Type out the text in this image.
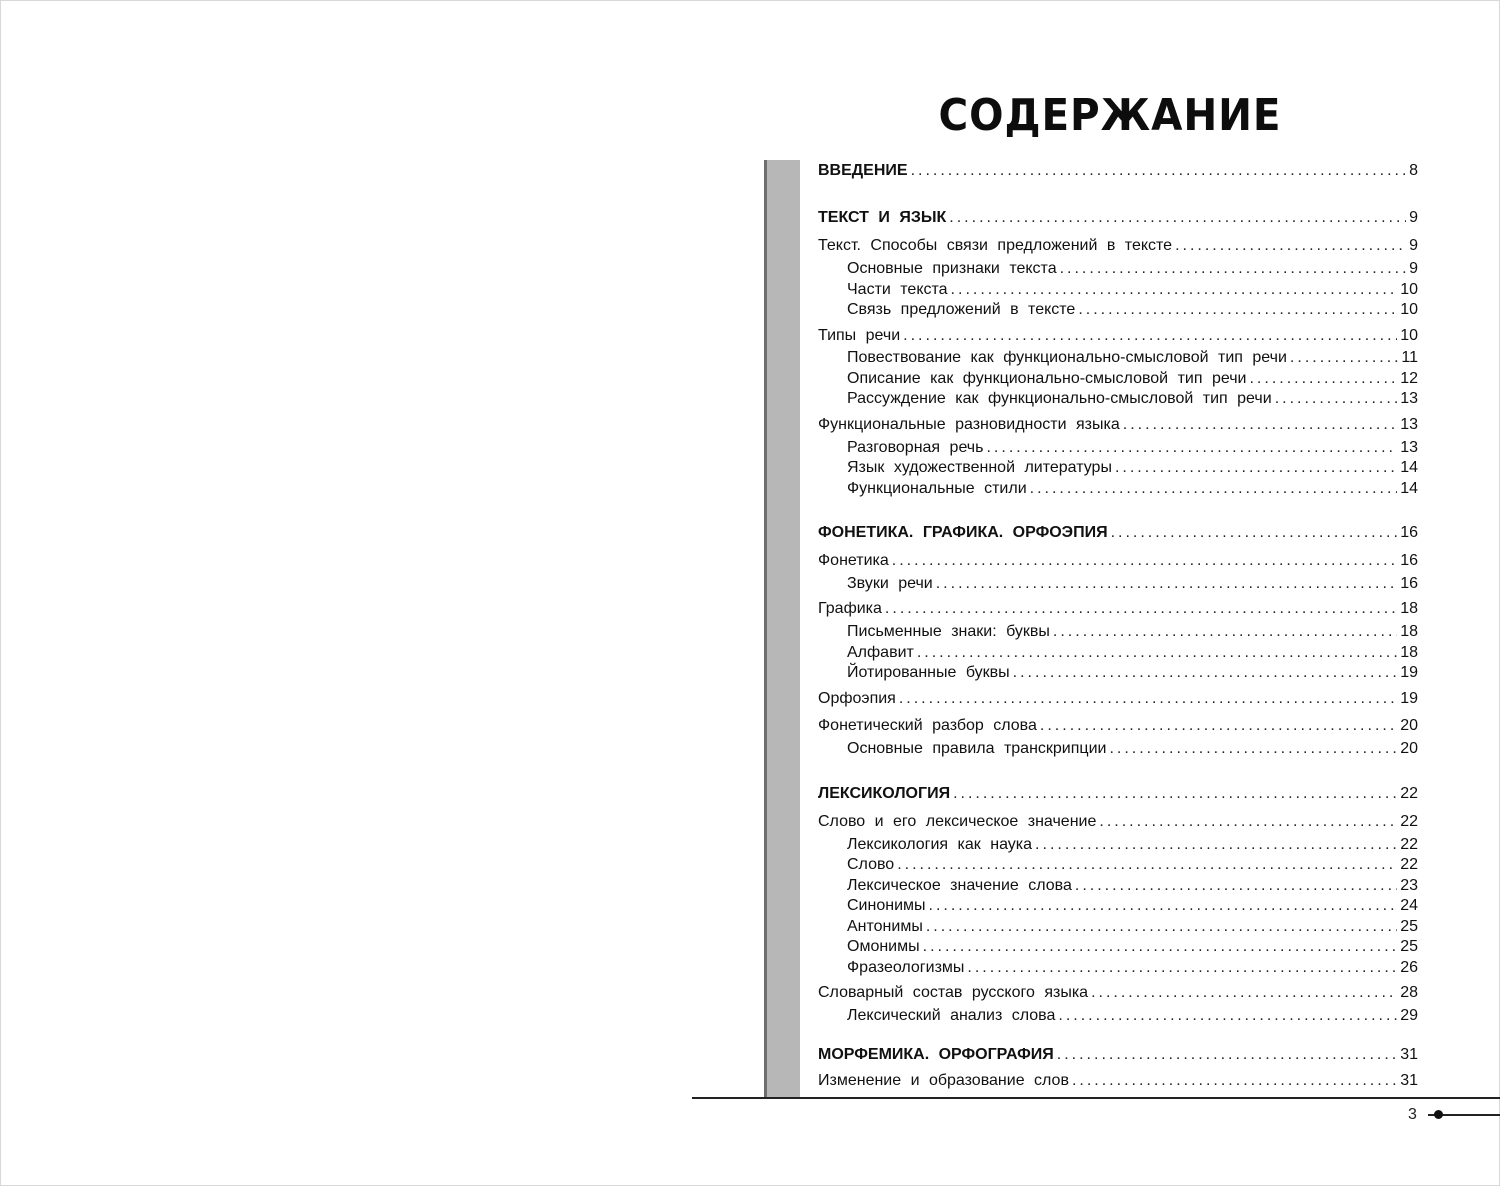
СОДЕРЖАНИЕ
ВВЕДЕНИЕ .....	8
ТЕКСТ И ЯЗЫК .....	9
Текст. Способы связи предложений в тексте .....	9
Основные признаки текста .....	9
Части текста .....	10
Связь предложений в тексте .....	10
Типы речи .....	10
Повествование как функционально-смысловой тип речи .....	11
Описание как функционально-смысловой тип речи .....	12
Рассуждение как функционально-смысловой тип речи .....	13
Функциональные разновидности языка .....	13
Разговорная речь .....	13
Язык художественной литературы .....	14
Функциональные стили .....	14
ФОНЕТИКА. ГРАФИКА. ОРФОЭПИЯ .....	16
Фонетика .....	16
Звуки речи .....	16
Графика .....	18
Письменные знаки: буквы .....	18
Алфавит .....	18
Йотированные буквы .....	19
Орфоэпия .....	19
Фонетический разбор слова .....	20
Основные правила транскрипции .....	20
ЛЕКСИКОЛОГИЯ .....	22
Слово и его лексическое значение .....	22
Лексикология как наука .....	22
Слово .....	22
Лексическое значение слова .....	23
Синонимы .....	24
Антонимы .....	25
Омонимы .....	25
Фразеологизмы .....	26
Словарный состав русского языка .....	28
Лексический анализ слова .....	29
МОРФЕМИКА. ОРФОГРАФИЯ .....	31
Изменение и образование слов .....	31
3
